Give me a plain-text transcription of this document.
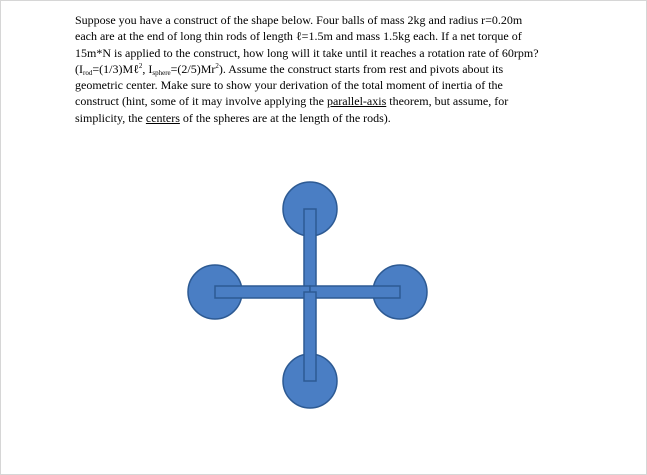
Suppose you have a construct of the shape below. Four balls of mass 2kg and radius r=0.20m
each are at the end of long thin rods of length ℓ=1.5m and mass 1.5kg each. If a net torque of
15m*N is applied to the construct, how long will it take until it reaches a rotation rate of 60rpm?
($I_{rod}=(1/3)M\ell^2$, $I_{sphere}=(2/5)Mr^2$). Assume the construct starts from rest and pivots about its
geometric center. Make sure to show your derivation of the total moment of inertia of the
construct (hint, some of it may involve applying the parallel-axis theorem, but assume, for
simplicity, the centers of the spheres are at the length of the rods).
